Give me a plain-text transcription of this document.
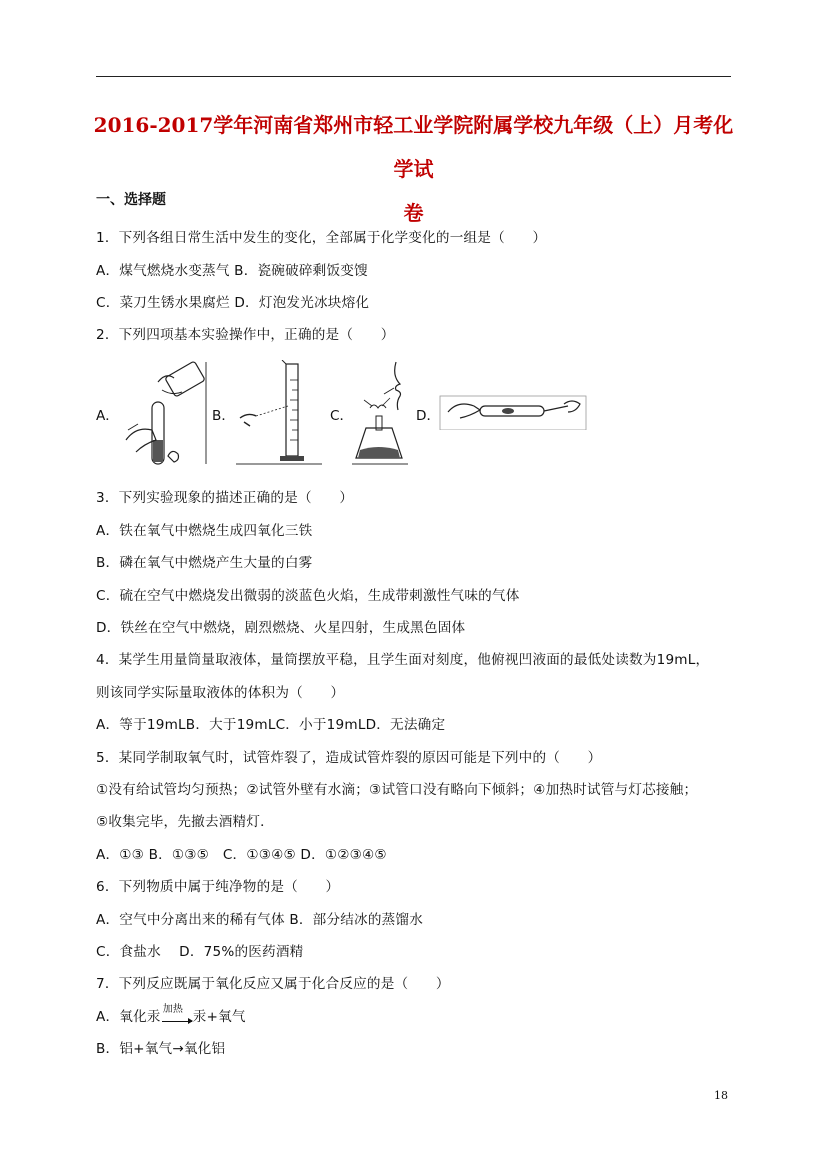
2016-2017学年河南省郑州市轻工业学院附属学校九年级（上）月考化学试
卷
一、选择题
1．下列各组日常生活中发生的变化，全部属于化学变化的一组是（　　）
A．煤气燃烧水变蒸气 B．瓷碗破碎剩饭变馊
C．菜刀生锈水果腐烂 D．灯泡发光冰块熔化
2．下列四项基本实验操作中，正确的是（　　）
A．	B．	C．	D．
3．下列实验现象的描述正确的是（　　）
A．铁在氧气中燃烧生成四氧化三铁
B．磷在氧气中燃烧产生大量的白雾
C．硫在空气中燃烧发出微弱的淡蓝色火焰，生成带刺激性气味的气体
D．铁丝在空气中燃烧，剧烈燃烧、火星四射，生成黑色固体
4．某学生用量筒量取液体，量筒摆放平稳，且学生面对刻度，他俯视凹液面的最低处读数为19mL，
则该同学实际量取液体的体积为（　　）
A．等于19mLB．大于19mLC．小于19mLD．无法确定
5．某同学制取氧气时，试管炸裂了，造成试管炸裂的原因可能是下列中的（　　）
①没有给试管均匀预热；②试管外壁有水滴；③试管口没有略向下倾斜；④加热时试管与灯芯接触；
⑤收集完毕，先撤去酒精灯．
A．①③ B．①③⑤　C．①③④⑤ D．①②③④⑤
6．下列物质中属于纯净物的是（　　）
A．空气中分离出来的稀有气体 B．部分结冰的蒸馏水
C．食盐水　 D．75%的医药酒精
7．下列反应既属于氧化反应又属于化合反应的是（　　）
A．氧化汞 加热 汞+氧气
B．铝+氧气→氧化铝
18
